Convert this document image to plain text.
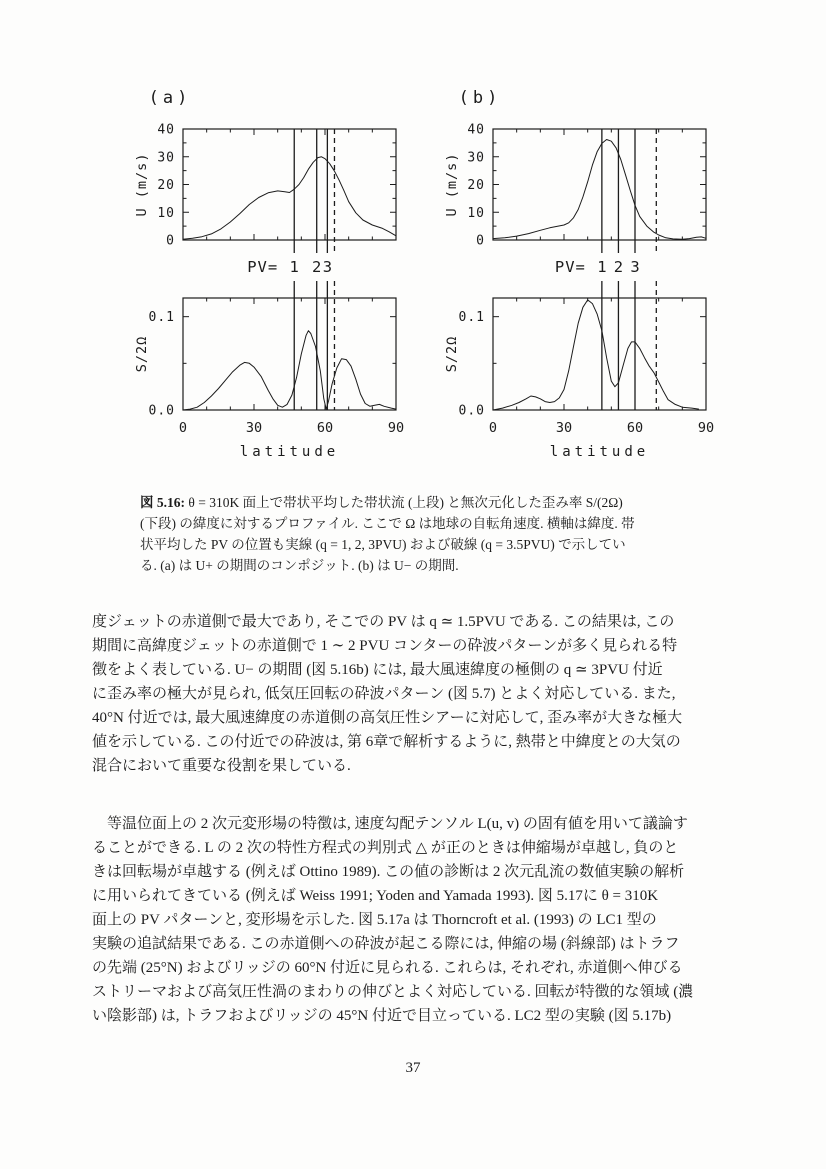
(a)
0
10
20
30
40
U (m/s)
0.0
0.1
S/2Ω
0	30	60	90
latitude
PV= 1 2 3
(b)
0
10
20
30
40
U (m/s)
0.0
0.1
S/2Ω
0	30	60	90
latitude
PV= 1 2 3
図 5.16: θ = 310K 面上で帯状平均した帯状流 (上段) と無次元化した歪み率 S/(2Ω)
(下段) の緯度に対するプロファイル. ここで Ω は地球の自転角速度. 横軸は緯度. 帯
状平均した PV の位置も実線 (q = 1, 2, 3PVU) および破線 (q = 3.5PVU) で示してい
る. (a) は U+ の期間のコンポジット. (b) は U− の期間.
度ジェットの赤道側で最大であり, そこでの PV は q ≃ 1.5PVU である. この結果は, この
期間に高緯度ジェットの赤道側で 1 ∼ 2 PVU コンターの砕波パターンが多く見られる特
徴をよく表している. U− の期間 (図 5.16b) には, 最大風速緯度の極側の q ≃ 3PVU 付近
に歪み率の極大が見られ, 低気圧回転の砕波パターン (図 5.7) とよく対応している. また,
40°N 付近では, 最大風速緯度の赤道側の高気圧性シアーに対応して, 歪み率が大きな極大
値を示している. この付近での砕波は, 第 6章で解析するように, 熱帯と中緯度との大気の
混合において重要な役割を果している.
　等温位面上の 2 次元変形場の特徴は, 速度勾配テンソル L(u, v) の固有値を用いて議論す
ることができる. L の 2 次の特性方程式の判別式 △ が正のときは伸縮場が卓越し, 負のと
きは回転場が卓越する (例えば Ottino 1989). この値の診断は 2 次元乱流の数値実験の解析
に用いられてきている (例えば Weiss 1991; Yoden and Yamada 1993). 図 5.17に θ = 310K
面上の PV パターンと, 変形場を示した. 図 5.17a は Thorncroft et al. (1993) の LC1 型の
実験の追試結果である. この赤道側への砕波が起こる際には, 伸縮の場 (斜線部) はトラフ
の先端 (25°N) およびリッジの 60°N 付近に見られる. これらは, それぞれ, 赤道側へ伸びる
ストリーマおよび高気圧性渦のまわりの伸びとよく対応している. 回転が特徴的な領域 (濃
い陰影部) は, トラフおよびリッジの 45°N 付近で目立っている. LC2 型の実験 (図 5.17b)
37
